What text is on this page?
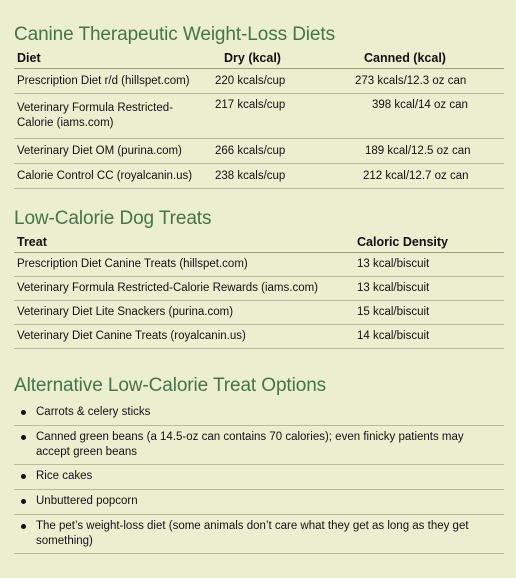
Canine Therapeutic Weight-Loss Diets
Diet	Dry (kcal)	Canned (kcal)
Prescription Diet r/d (hillspet.com)	220 kcals/cup	273 kcals/12.3 oz can
Veterinary Formula Restricted-Calorie (iams.com)	217 kcals/cup	398 kcal/14 oz can
Veterinary Diet OM (purina.com)	266 kcals/cup	189 kcal/12.5 oz can
Calorie Control CC (royalcanin.us)	238 kcals/cup	212 kcal/12.7 oz can
Low-Calorie Dog Treats
Treat	Caloric Density
Prescription Diet Canine Treats (hillspet.com)	13 kcal/biscuit
Veterinary Formula Restricted-Calorie Rewards (iams.com)	13 kcal/biscuit
Veterinary Diet Lite Snackers (purina.com)	15 kcal/biscuit
Veterinary Diet Canine Treats (royalcanin.us)	14 kcal/biscuit
Alternative Low-Calorie Treat Options
Carrots & celery sticks
Canned green beans (a 14.5-oz can contains 70 calories); even finicky patients may accept green beans
Rice cakes
Unbuttered popcorn
The pet’s weight-loss diet (some animals don’t care what they get as long as they get something)
